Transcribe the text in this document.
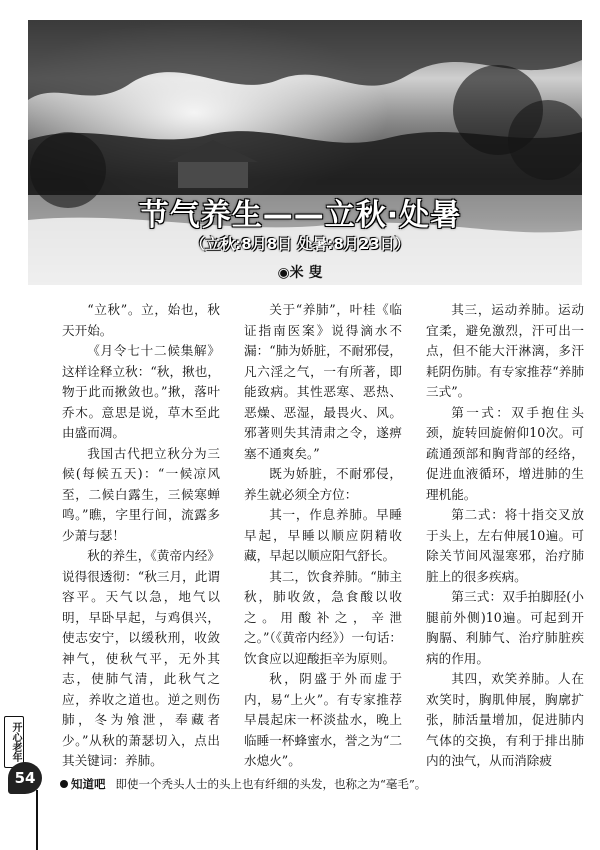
节气养生——立秋·处暑
（立秋:8月8日 处暑:8月23日）
◉米 叟

“立秋”。立，始也，秋天开始。

《月令七十二候集解》这样诠释立秋：“秋，揪也，物于此而揪敛也。”揪，落叶乔木。意思是说，草木至此由盛而凋。

我国古代把立秋分为三候(每候五天)：“一候凉风至，二候白露生，三候寒蝉鸣。”瞧，字里行间，流露多少萧与瑟！

秋的养生，《黄帝内经》说得很透彻：“秋三月，此谓容平。天气以急，地气以明，早卧早起，与鸡俱兴，使志安宁，以缓秋刑，收敛神气，使秋气平，无外其志，使肺气清，此秋气之应，养收之道也。逆之则伤肺，冬为飧泄，奉藏者少。”从秋的萧瑟切入，点出其关键词：养肺。

关于“养肺”，叶桂《临证指南医案》说得滴水不漏：“肺为娇脏，不耐邪侵，凡六淫之气，一有所著，即能致病。其性恶寒、恶热、恶燥、恶湿，最畏火、风。邪著则失其清肃之令，遂痹塞不通爽矣。”

既为娇脏，不耐邪侵，养生就必须全方位：

其一，作息养肺。早睡早起，早睡以顺应阴精收藏，早起以顺应阳气舒长。

其二，饮食养肺。“肺主秋，肺收敛，急食酸以收之。用酸补之，辛泄之。”（《黄帝内经》）一句话：饮食应以迎酸拒辛为原则。

秋，阴盛于外而虚于内，易“上火”。有专家推荐早晨起床一杯淡盐水，晚上临睡一杯蜂蜜水，誉之为“二水熄火”。

其三，运动养肺。运动宜柔，避免激烈，汗可出一点，但不能大汗淋漓，多汗耗阴伤肺。有专家推荐“养肺三式”。

第一式：双手抱住头颈，旋转回旋俯仰10次。可疏通颈部和胸背部的经络，促进血液循环，增进肺的生理机能。

第二式：将十指交叉放于头上，左右伸展10遍。可除关节间风湿寒邪，治疗肺脏上的很多疾病。

第三式：双手拍脚胫(小腿前外侧)10遍。可起到开胸膈、利肺气、治疗肺脏疾病的作用。

其四，欢笑养肺。人在欢笑时，胸肌伸展，胸廓扩张，肺活量增加，促进肺内气体的交换，有利于排出肺内的浊气，从而消除疲

开心老年
54	知道吧 即使一个秃头人士的头上也有纤细的头发，也称之为“毫毛”。
